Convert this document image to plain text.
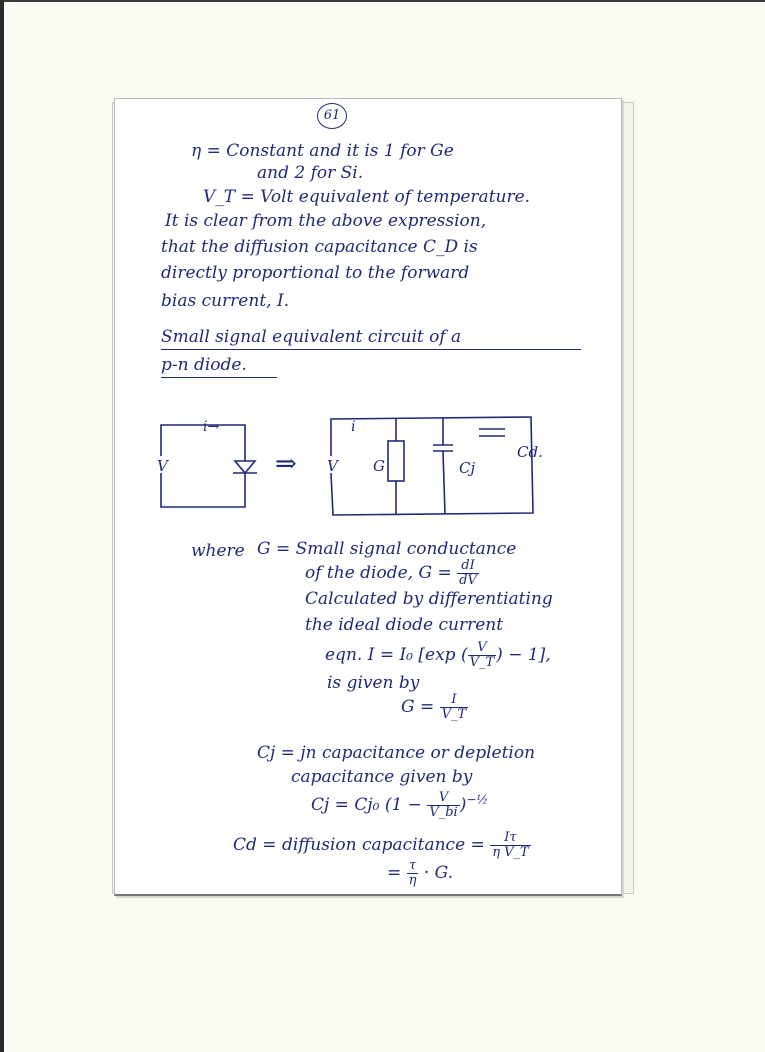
61
η = Constant and it is 1 for Ge
and 2 for Si.
V_T = Volt equivalent of temperature.
It is clear from the above expression,
that the diffusion capacitance C_D is
directly proportional to the forward
bias current, I.
Small signal equivalent circuit of a
p-n diode.
i→
V	⇒
i
V G	Cj
Cd.
where G = Small signal conductance
of the diode, $G = \frac{dI}{dV}$
Calculated by differentiating
the ideal diode current
eqn. I = I₀ [exp ( $\frac{V}{V\_T}$ ) − 1],
is given by
$G = \frac{I}{V\_T}$
Cj = jn capacitance or depletion
capacitance given by
Cj = Cj₀ $(1 - \frac{V}{V\_bi} )^{-\frac{1}{2}}$
Cd = diffusion capacitance = $\frac{I\tau}{\text{η V\_T}}$
= $\frac{\tau}{\eta} \cdot G$.
